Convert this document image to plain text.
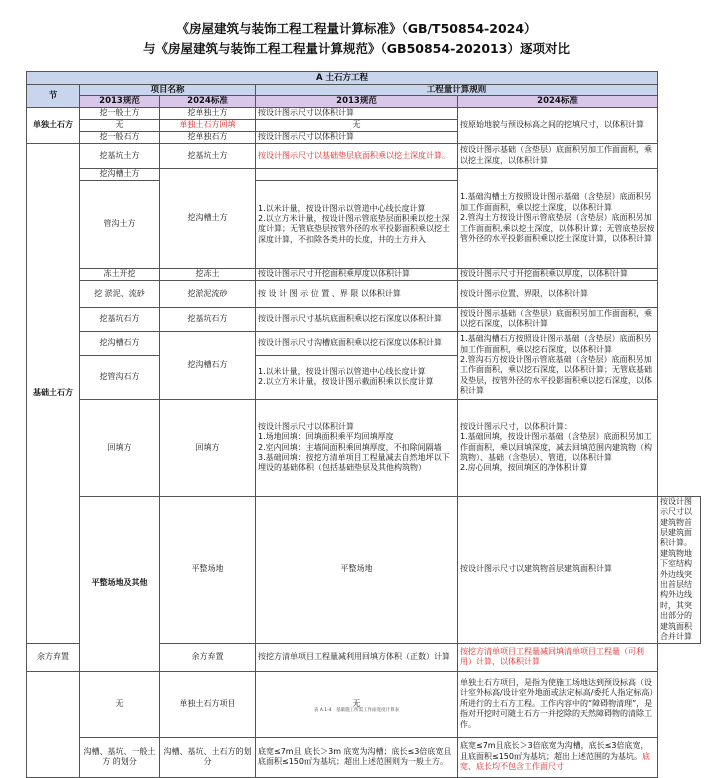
《房屋建筑与装饰工程工程量计算标准》（GB/T50854-2024）
与《房屋建筑与装饰工程工程量计算规范》（GB50854-202013）逐项对比
A 土石方工程					
节	项目名称		工程量计算规则		
	2013规范	2024标准	2013规范	2024标准	
单独土石方	挖一般土方	挖单独土方	按设计图示尺寸以体积计算	按原始地貌与预设标高之间的挖填尺寸，以体积计算	
	无	单独土石方回填	无		
	挖一般石方	挖单独石方	按设计图示尺寸以体积计算		
基础土石方	挖基坑土方	挖基坑土方	按设计图示尺寸以基础垫层底面积乘以挖土深度计算。	按设计图示基础（含垫层）底面积另加工作面面积，乘以挖土深度，以体积计算	
	挖沟槽土方	挖沟槽土方		1.基础沟槽土方按照设计图示基础（含垫层）底面积另加工作面面积，乘以挖土深度，以体积计算
2.管沟土方按设计图示管底垫层（含垫层）底面积另加工作面面积,乘以挖土深度，以体积计算；无管底垫层按管外径的水平投影面积乘以挖土深度计算，以体积计算	
	管沟土方		1.以米计量，按设计图示以管道中心线长度计算
2.以立方米计量，按设计图示管底垫层面积乘以挖土深度计算；无管底垫层按管外径的水平投影面积乘以挖土深度计算，不扣除各类井的长度，井的土方并入		
	冻土开挖	挖冻土	按设计图示尺寸开挖面积乘厚度以体积计算	按设计图示尺寸开挖面积乘以厚度，以体积计算	
	挖 淤泥、流砂	挖淤泥流砂	按 设 计 图 示 位 置 、界 限 以体积计算	按设计图示位置、界限，以体积计算	
	挖基坑石方	挖基坑石方	按设计图示尺寸基坑底面积乘以挖石深度以体积计算	按设计图示基础（含垫层）底面积另加工作面面积，乘以挖石深度，以体积计算	
	挖沟槽石方	挖沟槽石方	按设计图示尺寸沟槽底面积乘以挖石深度以体积计算	1.基础沟槽石方按照设计图示基础（含垫层）底面积另加工作面面积，乘以挖石深度，以体积计算
2.管沟石方按设计图示管底基础（含垫层）底面积另加工作面面积，乘以挖石深度，以体积计算；无管底基础及垫层，按管外径的水平投影面积乘以挖石深度，以体积计算	
	挖管沟石方		1.以米计量，按设计图示以管道中心线长度计算
2.以立方米计量，按设计图示截面积乘以长度计算		
	回填方	回填方	按设计图示尺寸以体积计算
1.场地回填：回填面积乘平均回填厚度
2.室内回填：主墙间面积乘回填厚度，不扣除间隔墙
3.基础回填：按挖方清单项目工程量减去自然地坪以下埋设的基础体积（包括基础垫层及其他构筑物）	按设计图示尺寸，以体积计算：
1.基础回填，按设计图示基础（含垫层）底面积另加工作面面积，乘以回填深度，减去回填范围内建筑物（构筑物）、基础（含垫层）、管道，以体积计算
2.房心回填，按回填区的净体积计算	
	平整场地及其他	平整场地	平整场地	按设计图示尺寸以建筑物首层建筑面积计算	按设计图示尺寸以建筑物首层建筑面积计算。建筑物地下室结构外边线突出首层结构外边线时，其突出部分的建筑面积合并计算
余方弃置		余方弃置	按挖方清单项目工程量减利用回填方体积（正数）计算	按挖方清单项目工程量减回填清单项目工程量（可利用）计算，以体积计算	
	无	单独土石方项目	无	单独土石方项目，是指为使施工场地达到预设标高（设计室外标高/设计室外地面或法定标高/委托人指定标高）所进行的土石方工程。工作内容中的“障碍物清理”，是指对开挖时可随土石方一并挖除的天然障碍物的清除工作。	
	沟槽、基坑、一般土方 的划分	沟槽、基坑、土石方的划分	底宽≤7m且 底长＞3m 底宽为沟槽；底长≤3倍底宽且底面积≤150㎡为基坑；超出上述范围则为一般土方。	底宽≤7m且底长＞3倍底宽为沟槽，底长≤3倍底宽，且底面积≤150㎡为基坑；超出上述范围的为基坑。底宽、底长均不包含工作面尺寸	
表 A.1-4　基础施工所需工作面宽度计算表
